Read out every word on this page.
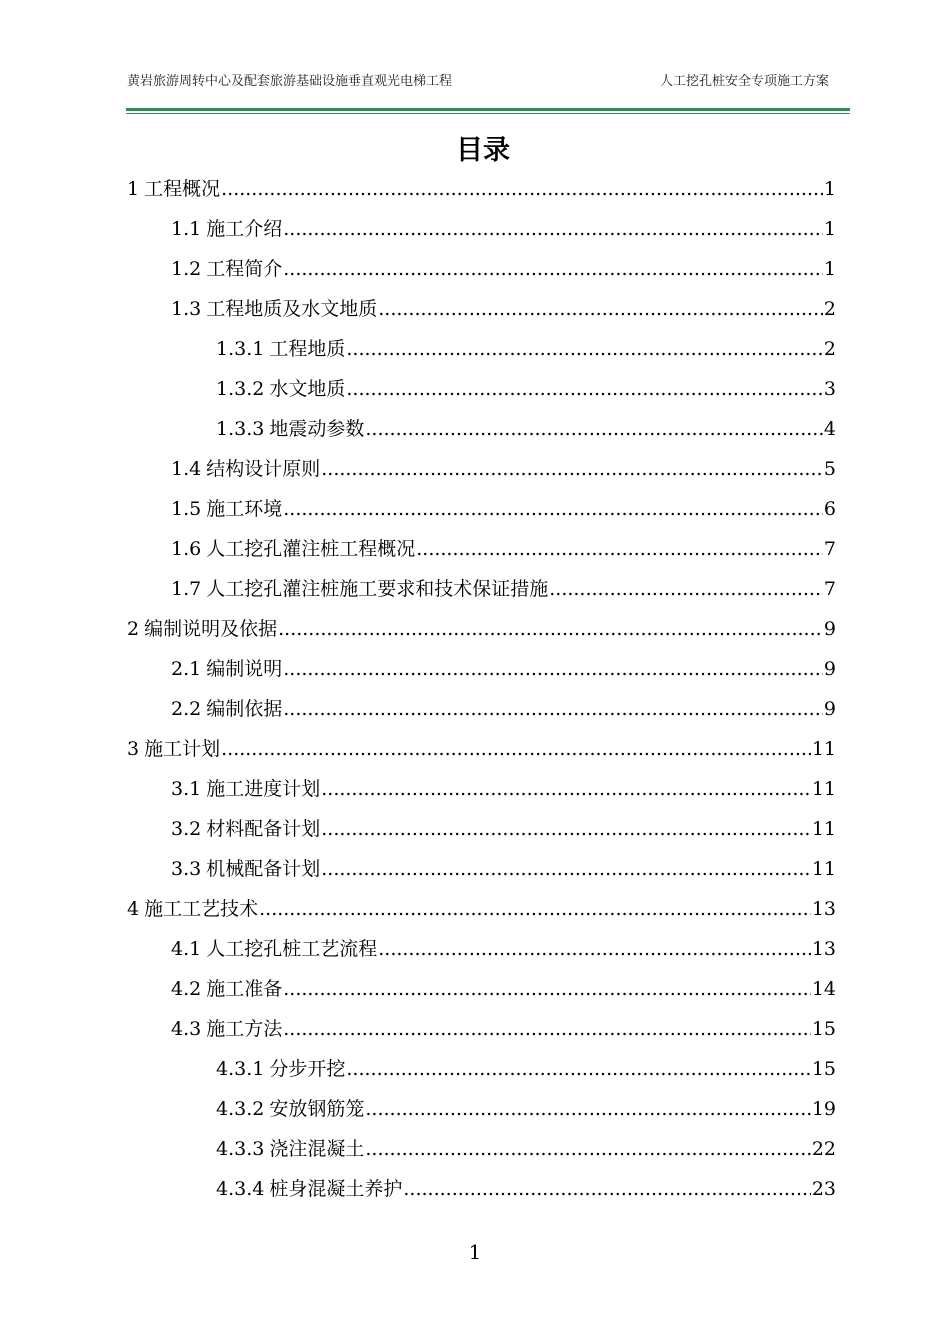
黄岩旅游周转中心及配套旅游基础设施垂直观光电梯工程	人工挖孔桩安全专项施工方案
目录
1 工程概况 .....	1
1.1 施工介绍 .....	1
1.2 工程简介 .....	1
1.3 工程地质及水文地质 .....	2
1.3.1 工程地质 .....	2
1.3.2 水文地质 .....	3
1.3.3 地震动参数 .....	4
1.4 结构设计原则 .....	5
1.5 施工环境 .....	6
1.6 人工挖孔灌注桩工程概况 .....	7
1.7 人工挖孔灌注桩施工要求和技术保证措施 .....	7
2 编制说明及依据 .....	9
2.1 编制说明 .....	9
2.2 编制依据 .....	9
3 施工计划 .....	11
3.1 施工进度计划 .....	11
3.2 材料配备计划 .....	11
3.3 机械配备计划 .....	11
4 施工工艺技术 .....	13
4.1 人工挖孔桩工艺流程 .....	13
4.2 施工准备 .....	14
4.3 施工方法 .....	15
4.3.1 分步开挖 .....	15
4.3.2 安放钢筋笼 .....	19
4.3.3 浇注混凝土 .....	22
4.3.4 桩身混凝土养护 .....	23
1
